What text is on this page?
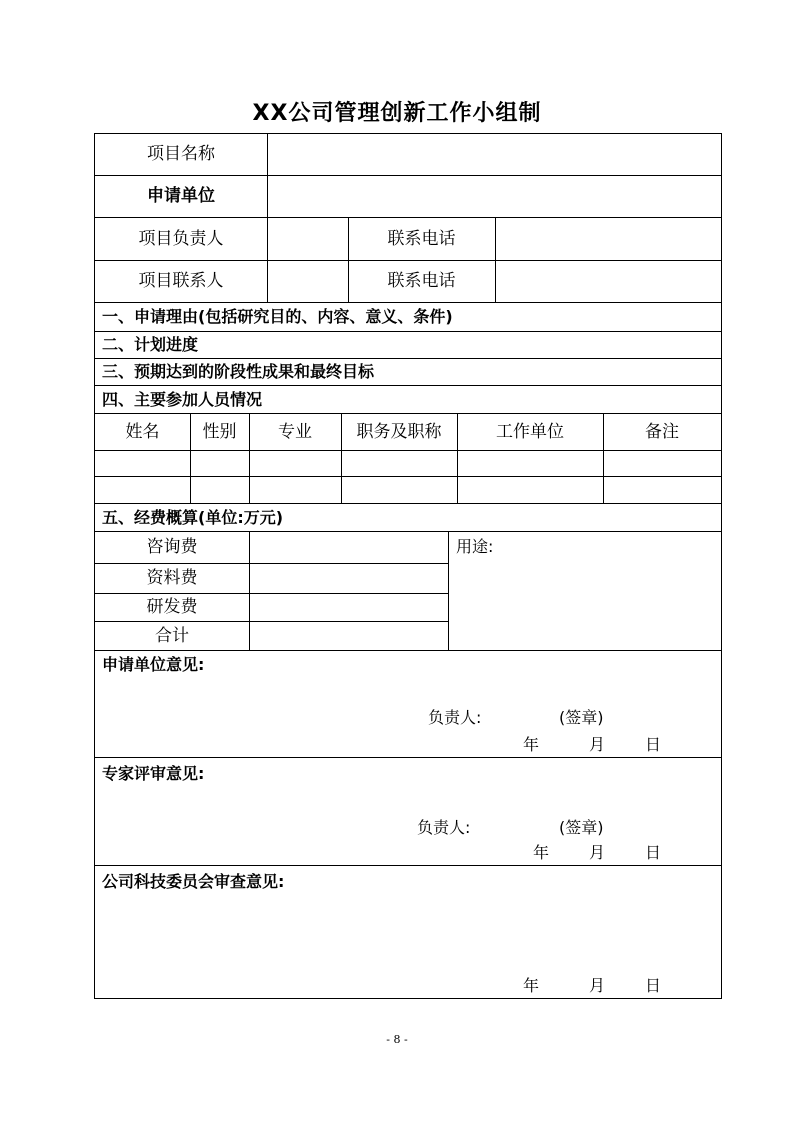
XX公司管理创新工作小组制
项目名称
申请单位
项目负责人	联系电话
项目联系人	联系电话
一、申请理由(包括研究目的、内容、意义、条件)
二、计划进度
三、预期达到的阶段性成果和最终目标
四、主要参加人员情况
姓名	性别	专业	职务及职称	工作单位	备注
五、经费概算(单位:万元)
咨询费
资料费
研发费
合计
用途:
申请单位意见:
负责人:	(签章)
年	月 日
专家评审意见:
负责人:	(签章)
年 月 日
公司科技委员会审查意见:
年	月 日
- 8 -
